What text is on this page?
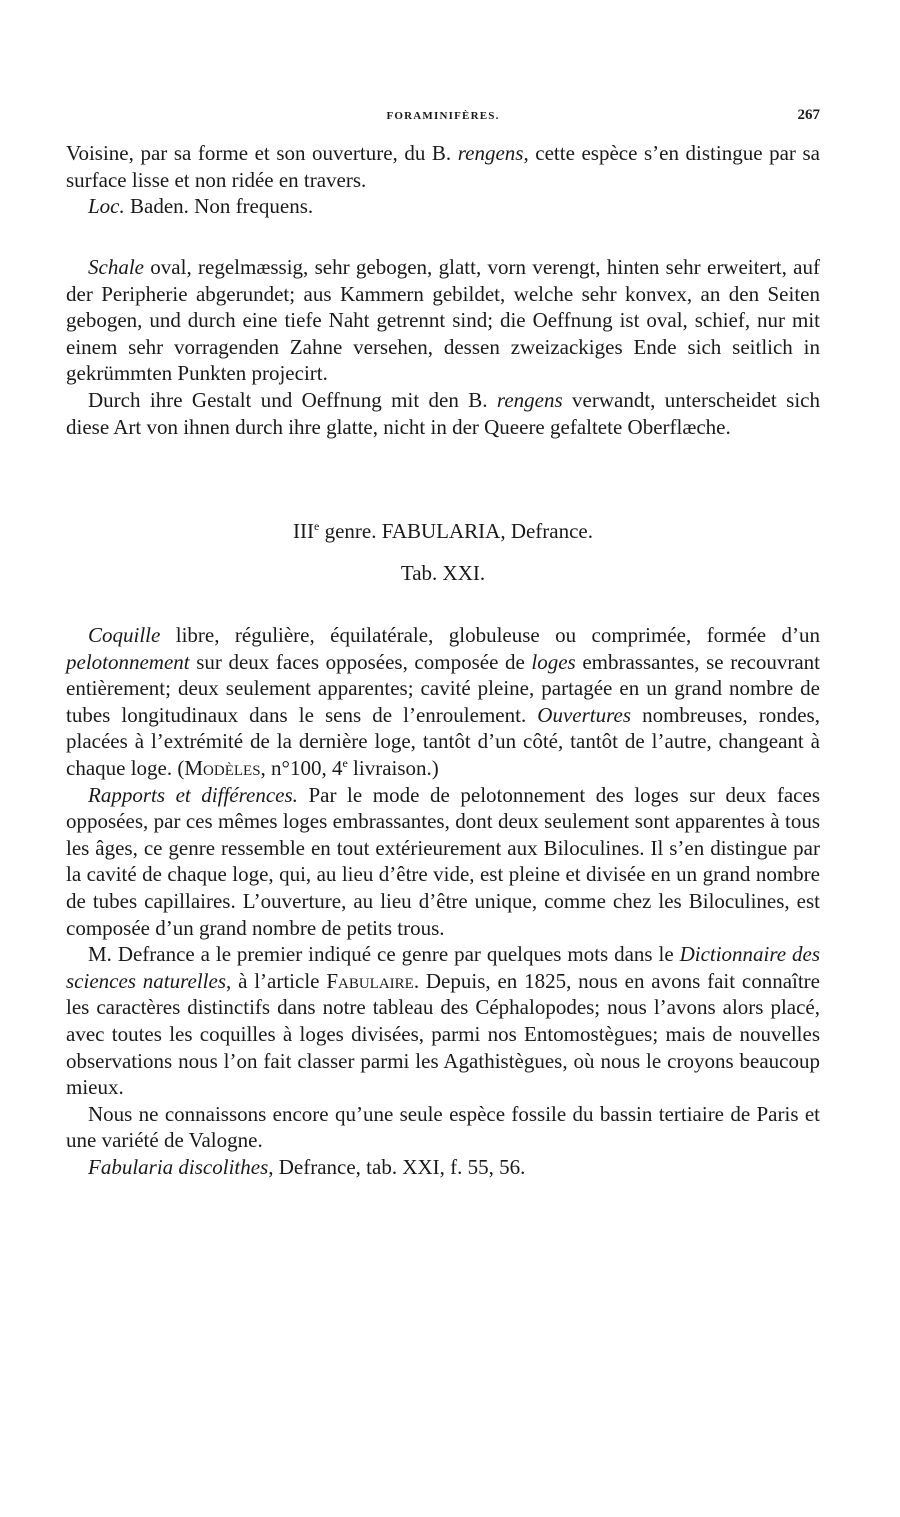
FORAMINIFÈRES.	267

Voisine, par sa forme et son ouverture, du B. rengens, cette espèce s’en distingue par sa surface lisse et non ridée en travers.

Loc. Baden. Non frequens.

Schale oval, regelmæssig, sehr gebogen, glatt, vorn verengt, hinten sehr erweitert, auf der Peripherie abgerundet; aus Kammern gebildet, welche sehr konvex, an den Seiten gebogen, und durch eine tiefe Naht getrennt sind; die Oeffnung ist oval, schief, nur mit einem sehr vorragenden Zahne versehen, dessen zweizackiges Ende sich seitlich in gekrümmten Punkten projecirt.

Durch ihre Gestalt und Oeffnung mit den B. rengens verwandt, unterscheidet sich diese Art von ihnen durch ihre glatte, nicht in der Queere gefaltete Oberflæche.

IIIe genre. FABULARIA, Defrance.
Tab. XXI.

Coquille libre, régulière, équilatérale, globuleuse ou comprimée, formée d’un pelotonnement sur deux faces opposées, composée de loges embrassantes, se recouvrant entièrement; deux seulement apparentes; cavité pleine, partagée en un grand nombre de tubes longitudinaux dans le sens de l’enroulement. Ouvertures nombreuses, rondes, placées à l’extrémité de la dernière loge, tantôt d’un côté, tantôt de l’autre, changeant à chaque loge. (Modèles, n°100, 4e livraison.)

Rapports et différences. Par le mode de pelotonnement des loges sur deux faces opposées, par ces mêmes loges embrassantes, dont deux seulement sont apparentes à tous les âges, ce genre ressemble en tout extérieurement aux Biloculines. Il s’en distingue par la cavité de chaque loge, qui, au lieu d’être vide, est pleine et divisée en un grand nombre de tubes capillaires. L’ouverture, au lieu d’être unique, comme chez les Biloculines, est composée d’un grand nombre de petits trous.

M. Defrance a le premier indiqué ce genre par quelques mots dans le Dictionnaire des sciences naturelles, à l’article Fabulaire. Depuis, en 1825, nous en avons fait connaître les caractères distinctifs dans notre tableau des Céphalopodes; nous l’avons alors placé, avec toutes les coquilles à loges divisées, parmi nos Entomostègues; mais de nouvelles observations nous l’on fait classer parmi les Agathistègues, où nous le croyons beaucoup mieux.

Nous ne connaissons encore qu’une seule espèce fossile du bassin tertiaire de Paris et une variété de Valogne.

Fabularia discolithes, Defrance, tab. XXI, f. 55, 56.
